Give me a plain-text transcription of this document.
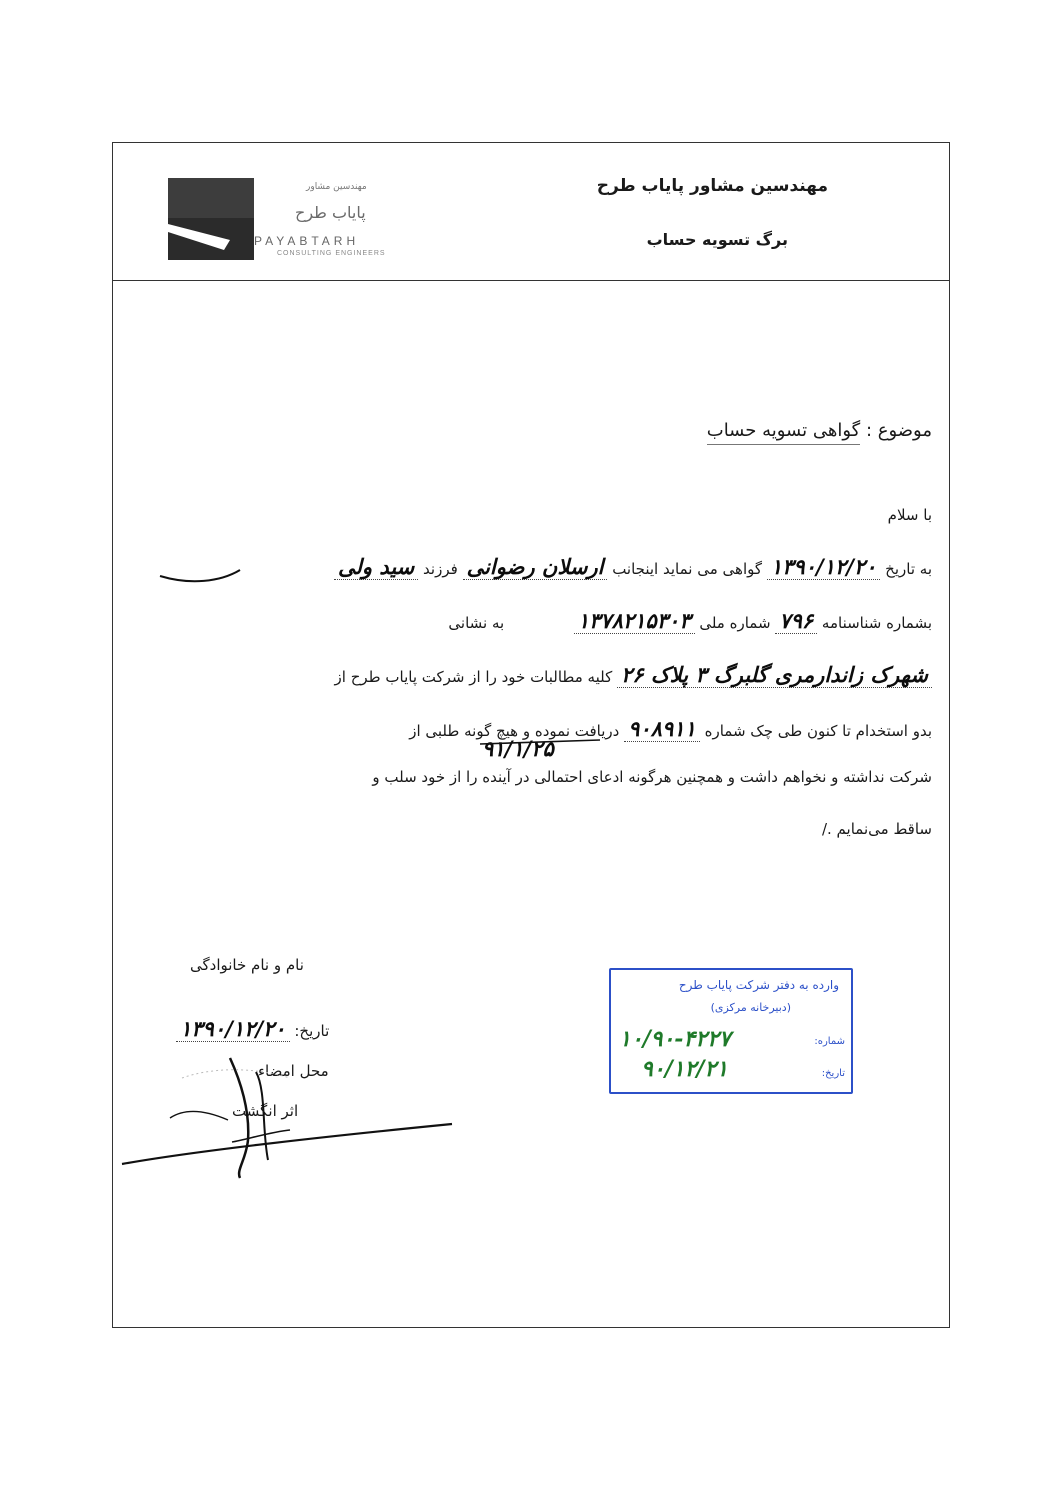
مهندسین مشاور پایاب طرح
برگ تسویه حساب
مهندسین مشاور
پایاب طرح
PAYABTARH
CONSULTING ENGINEERS
موضوع : گواهی تسویه حساب
با سلام
به تاریخ ۱۳۹۰/۱۲/۲۰ گواهی می نماید اینجانب ارسلان رضوانی فرزند سید ولی
بشماره شناسنامه ۷۹۶ شماره ملی ۱۳۷۸۲۱۵۳۰۳  به نشانی
شهرک زاندارمری گلبرگ ۳ پلاک ۲۶ کلیه مطالبات خود را از شرکت پایاب طرح از
بدو استخدام تا کنون طی چک شماره ۹۰۸۹۱۱ دریافت نموده و هیچ گونه طلبی از
۹۱/۱/۲۵
شرکت نداشته و نخواهم داشت و همچنین هرگونه ادعای احتمالی در آینده را از خود سلب و
ساقط می‌نمایم ./
نام و نام خانوادگی
تاریخ: ۱۳۹۰/۱۲/۲۰
محل امضاء
اثر انگشت
وارده به دفتر شرکت پایاب طرح
(دبیرخانه مرکزی)
شماره:
تاریخ:
۱۰/۹۰-۴۲۲۷
۹۰/۱۲/۲۱
